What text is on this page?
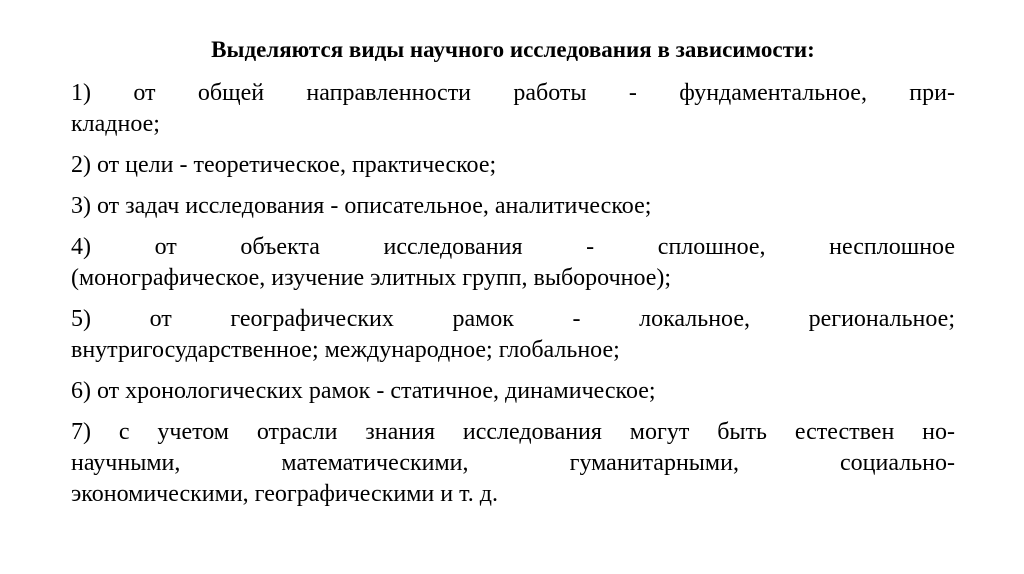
Выделяются виды научного исследования в зависимости:
1) от общей направленности работы - фундаментальное, при-
кладное;
2) от цели - теоретическое, практическое;
3) от задач исследования - описательное, аналитическое;
4) от объекта исследования - сплошное, несплошное
(монографическое, изучение элитных групп, выборочное);
5) от географических рамок - локальное, региональное;
внутригосударственное; международное; глобальное;
6) от хронологических рамок - статичное, динамическое;
7) с учетом отрасли знания исследования могут быть естествен но-
научными, математическими, гуманитарными, социально-
экономическими, географическими и т. д.
